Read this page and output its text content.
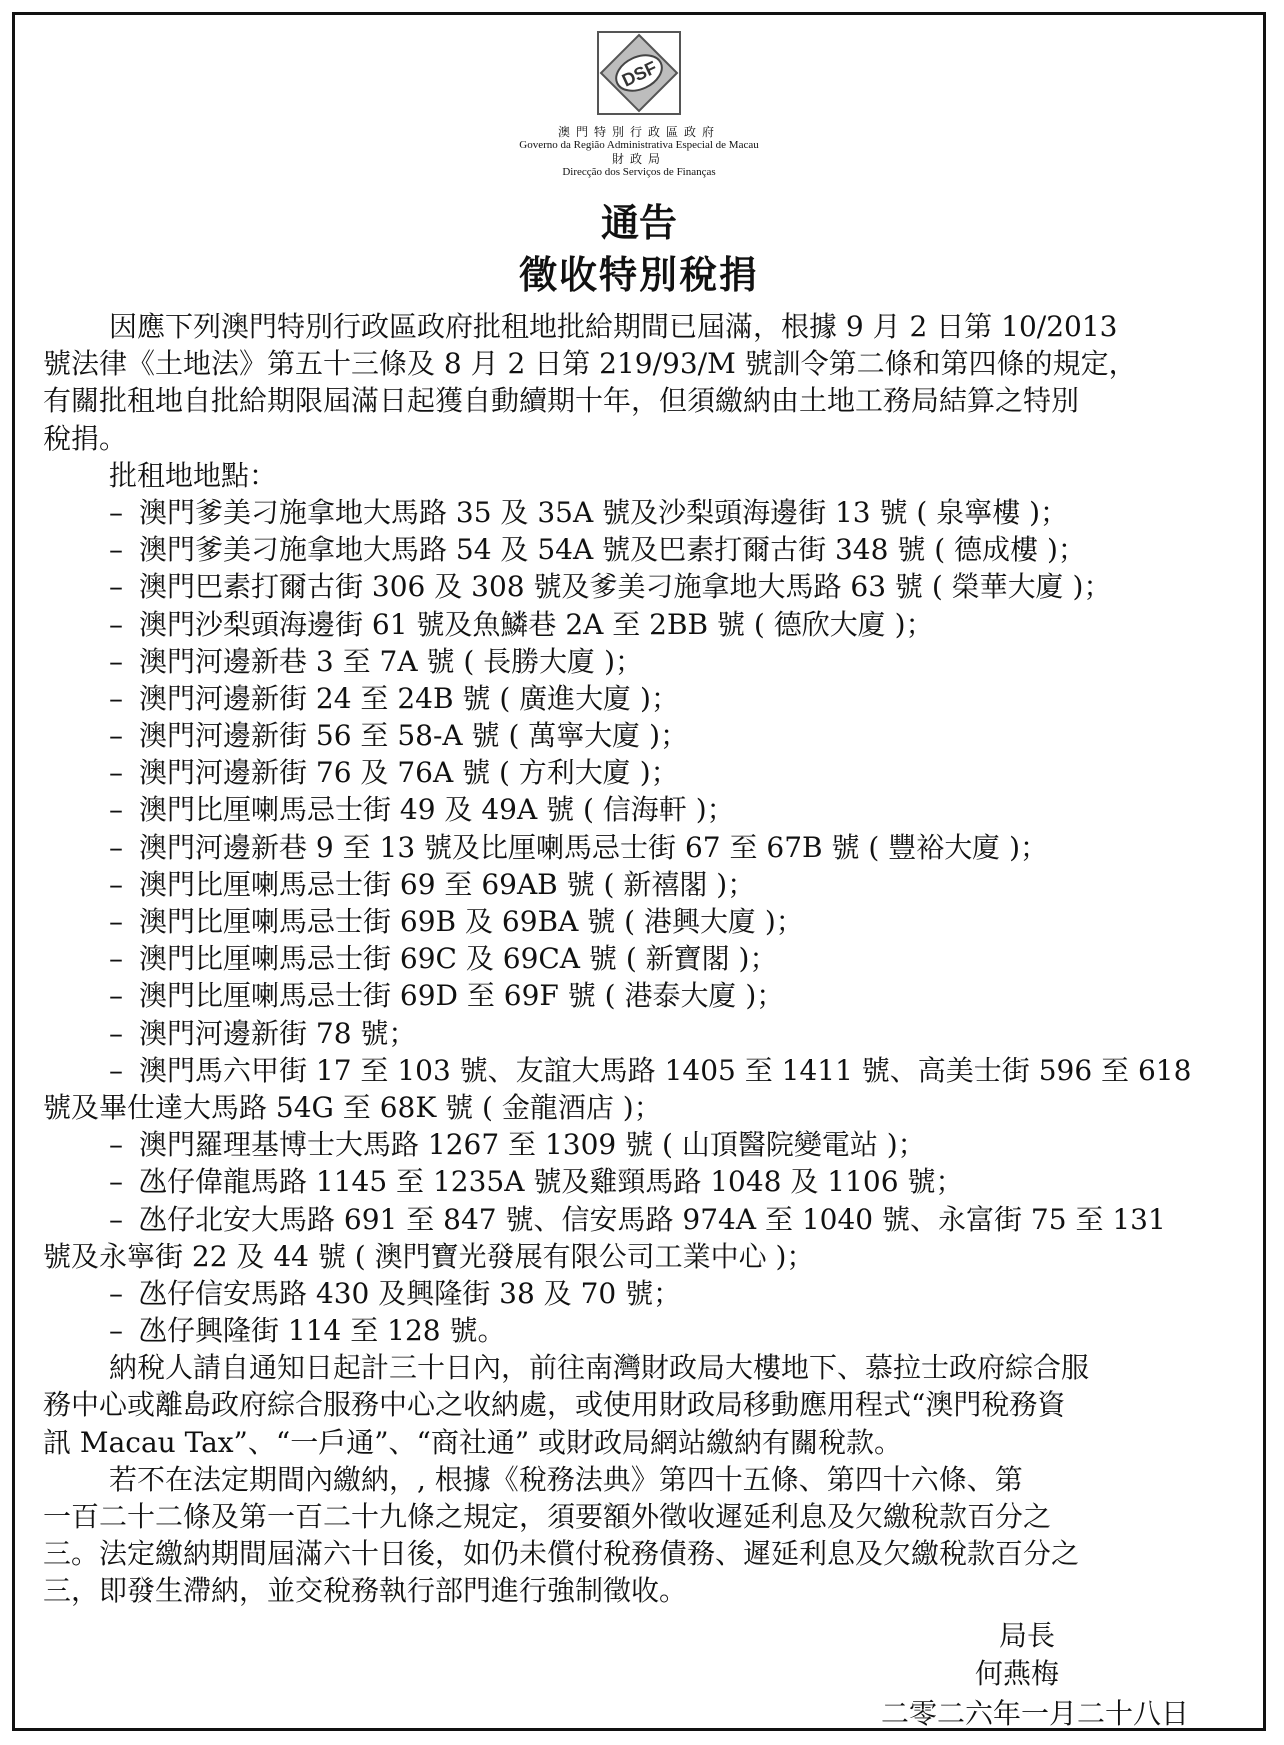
DSF
澳門特別行政區政府
Governo da Região Administrativa Especial de Macau
財政局
Direcção dos Serviços de Finanças
通告
徵收特別稅捐
因應下列澳門特別行政區政府批租地批給期間已屆滿，根據 9 月 2 日第 10/2013
號法律《土地法》第五十三條及 8 月 2 日第 219/93/M 號訓令第二條和第四條的規定，
有關批租地自批給期限屆滿日起獲自動續期十年，但須繳納由土地工務局結算之特別
稅捐。
批租地地點：
– 澳門爹美刁施拿地大馬路 35 及 35A 號及沙梨頭海邊街 13 號 ( 泉寧樓 )；
– 澳門爹美刁施拿地大馬路 54 及 54A 號及巴素打爾古街 348 號 ( 德成樓 )；
– 澳門巴素打爾古街 306 及 308 號及爹美刁施拿地大馬路 63 號 ( 榮華大廈 )；
– 澳門沙梨頭海邊街 61 號及魚鱗巷 2A 至 2BB 號 ( 德欣大廈 )；
– 澳門河邊新巷 3 至 7A 號 ( 長勝大廈 )；
– 澳門河邊新街 24 至 24B 號 ( 廣進大廈 )；
– 澳門河邊新街 56 至 58-A 號 ( 萬寧大廈 )；
– 澳門河邊新街 76 及 76A 號 ( 方利大廈 )；
– 澳門比厘喇馬忌士街 49 及 49A 號 ( 信海軒 )；
– 澳門河邊新巷 9 至 13 號及比厘喇馬忌士街 67 至 67B 號 ( 豐裕大廈 )；
– 澳門比厘喇馬忌士街 69 至 69AB 號 ( 新禧閣 )；
– 澳門比厘喇馬忌士街 69B 及 69BA 號 ( 港興大廈 )；
– 澳門比厘喇馬忌士街 69C 及 69CA 號 ( 新寶閣 )；
– 澳門比厘喇馬忌士街 69D 至 69F 號 ( 港泰大廈 )；
– 澳門河邊新街 78 號；
– 澳門馬六甲街 17 至 103 號、友誼大馬路 1405 至 1411 號、高美士街 596 至 618
號及畢仕達大馬路 54G 至 68K 號 ( 金龍酒店 )；
– 澳門羅理基博士大馬路 1267 至 1309 號 ( 山頂醫院變電站 )；
– 氹仔偉龍馬路 1145 至 1235A 號及雞頸馬路 1048 及 1106 號；
– 氹仔北安大馬路 691 至 847 號、信安馬路 974A 至 1040 號、永富街 75 至 131
號及永寧街 22 及 44 號 ( 澳門寶光發展有限公司工業中心 )；
– 氹仔信安馬路 430 及興隆街 38 及 70 號；
– 氹仔興隆街 114 至 128 號。
納稅人請自通知日起計三十日內，前往南灣財政局大樓地下、慕拉士政府綜合服
務中心或離島政府綜合服務中心之收納處，或使用財政局移動應用程式“澳門稅務資
訊 Macau Tax”、“一戶通”、“商社通” 或財政局網站繳納有關稅款。
若不在法定期間內繳納，, 根據《稅務法典》第四十五條、第四十六條、第
一百二十二條及第一百二十九條之規定，須要額外徵收遲延利息及欠繳稅款百分之
三。法定繳納期間屆滿六十日後，如仍未償付稅務債務、遲延利息及欠繳稅款百分之
三，即發生滯納，並交稅務執行部門進行強制徵收。
局長
何燕梅
二零二六年一月二十八日
